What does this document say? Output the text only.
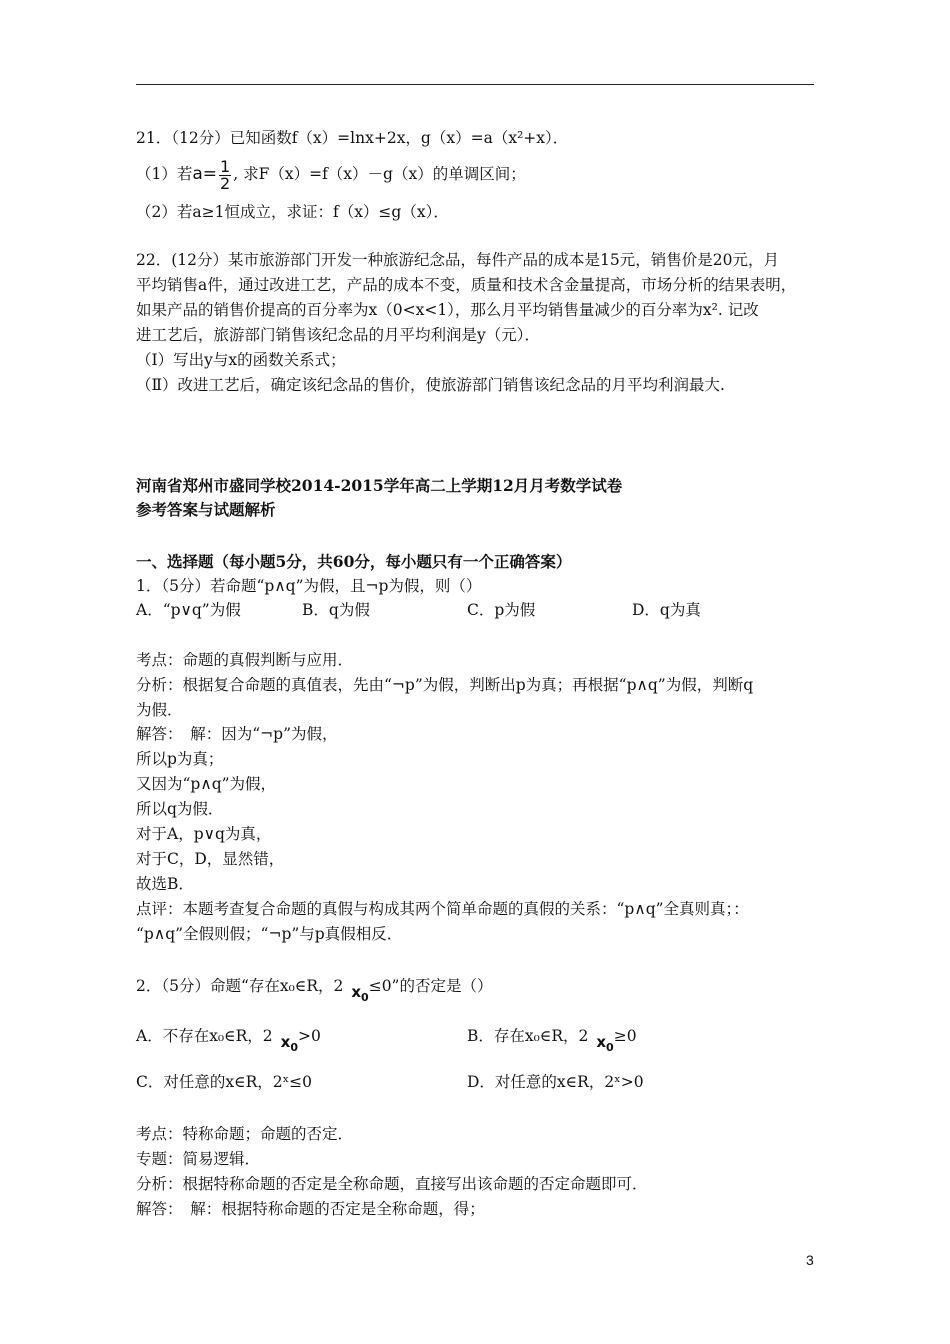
21．（12分）已知函数f（x）=lnx+2x，g（x）=a（x²+x）．
（1）若$a= \frac{1}{2}$ , 求F（x）=f（x）－g（x）的单调区间；
（2）若a≥1恒成立，求证：f（x）≤g（x）．
22．(12分）某市旅游部门开发一种旅游纪念品，每件产品的成本是15元，销售价是20元，月
平均销售a件，通过改进工艺，产品的成本不变，质量和技术含金量提高，市场分析的结果表明，
如果产品的销售价提高的百分率为x（0<x<1），那么月平均销售量减少的百分率为x². 记改
进工艺后，旅游部门销售该纪念品的月平均利润是y（元）．
（Ⅰ）写出y与x的函数关系式；
（Ⅱ）改进工艺后，确定该纪念品的售价，使旅游部门销售该纪念品的月平均利润最大.
河南省郑州市盛同学校2014-2015学年高二上学期12月月考数学试卷
参考答案与试题解析
一、选择题（每小题5分，共60分，每小题只有一个正确答案）
1．（5分）若命题“p∧q”为假，且¬p为假，则（）
A．“p∨q”为假	B．q为假	C．p为假	D．q为真
考点：命题的真假判断与应用．
分析：根据复合命题的真值表，先由“¬p”为假，判断出p为真；再根据“p∧q”为假，判断q
为假．
解答：　解：因为“¬p”为假，
所以p为真；
又因为“p∧q”为假，
所以q为假．
对于A，p∨q为真，
对于C，D，显然错，
故选B．
点评：本题考查复合命题的真假与构成其两个简单命题的真假的关系：“p∧q”全真则真；：
“p∧q”全假则假；“¬p”与p真假相反．
2．（5分）命题“存在x₀∈R，2 $x_0\le 0$”的否定是（）
A．不存在x₀∈R，2 $x_0>0$	B．存在x₀∈R，2 $x_0\ge 0$
C．对任意的x∈R，2ˣ≤0	D．对任意的x∈R，2ˣ>0
考点：特称命题；命题的否定．
专题：简易逻辑．
分析：根据特称命题的否定是全称命题，直接写出该命题的否定命题即可．
解答：　解：根据特称命题的否定是全称命题，得；
3
